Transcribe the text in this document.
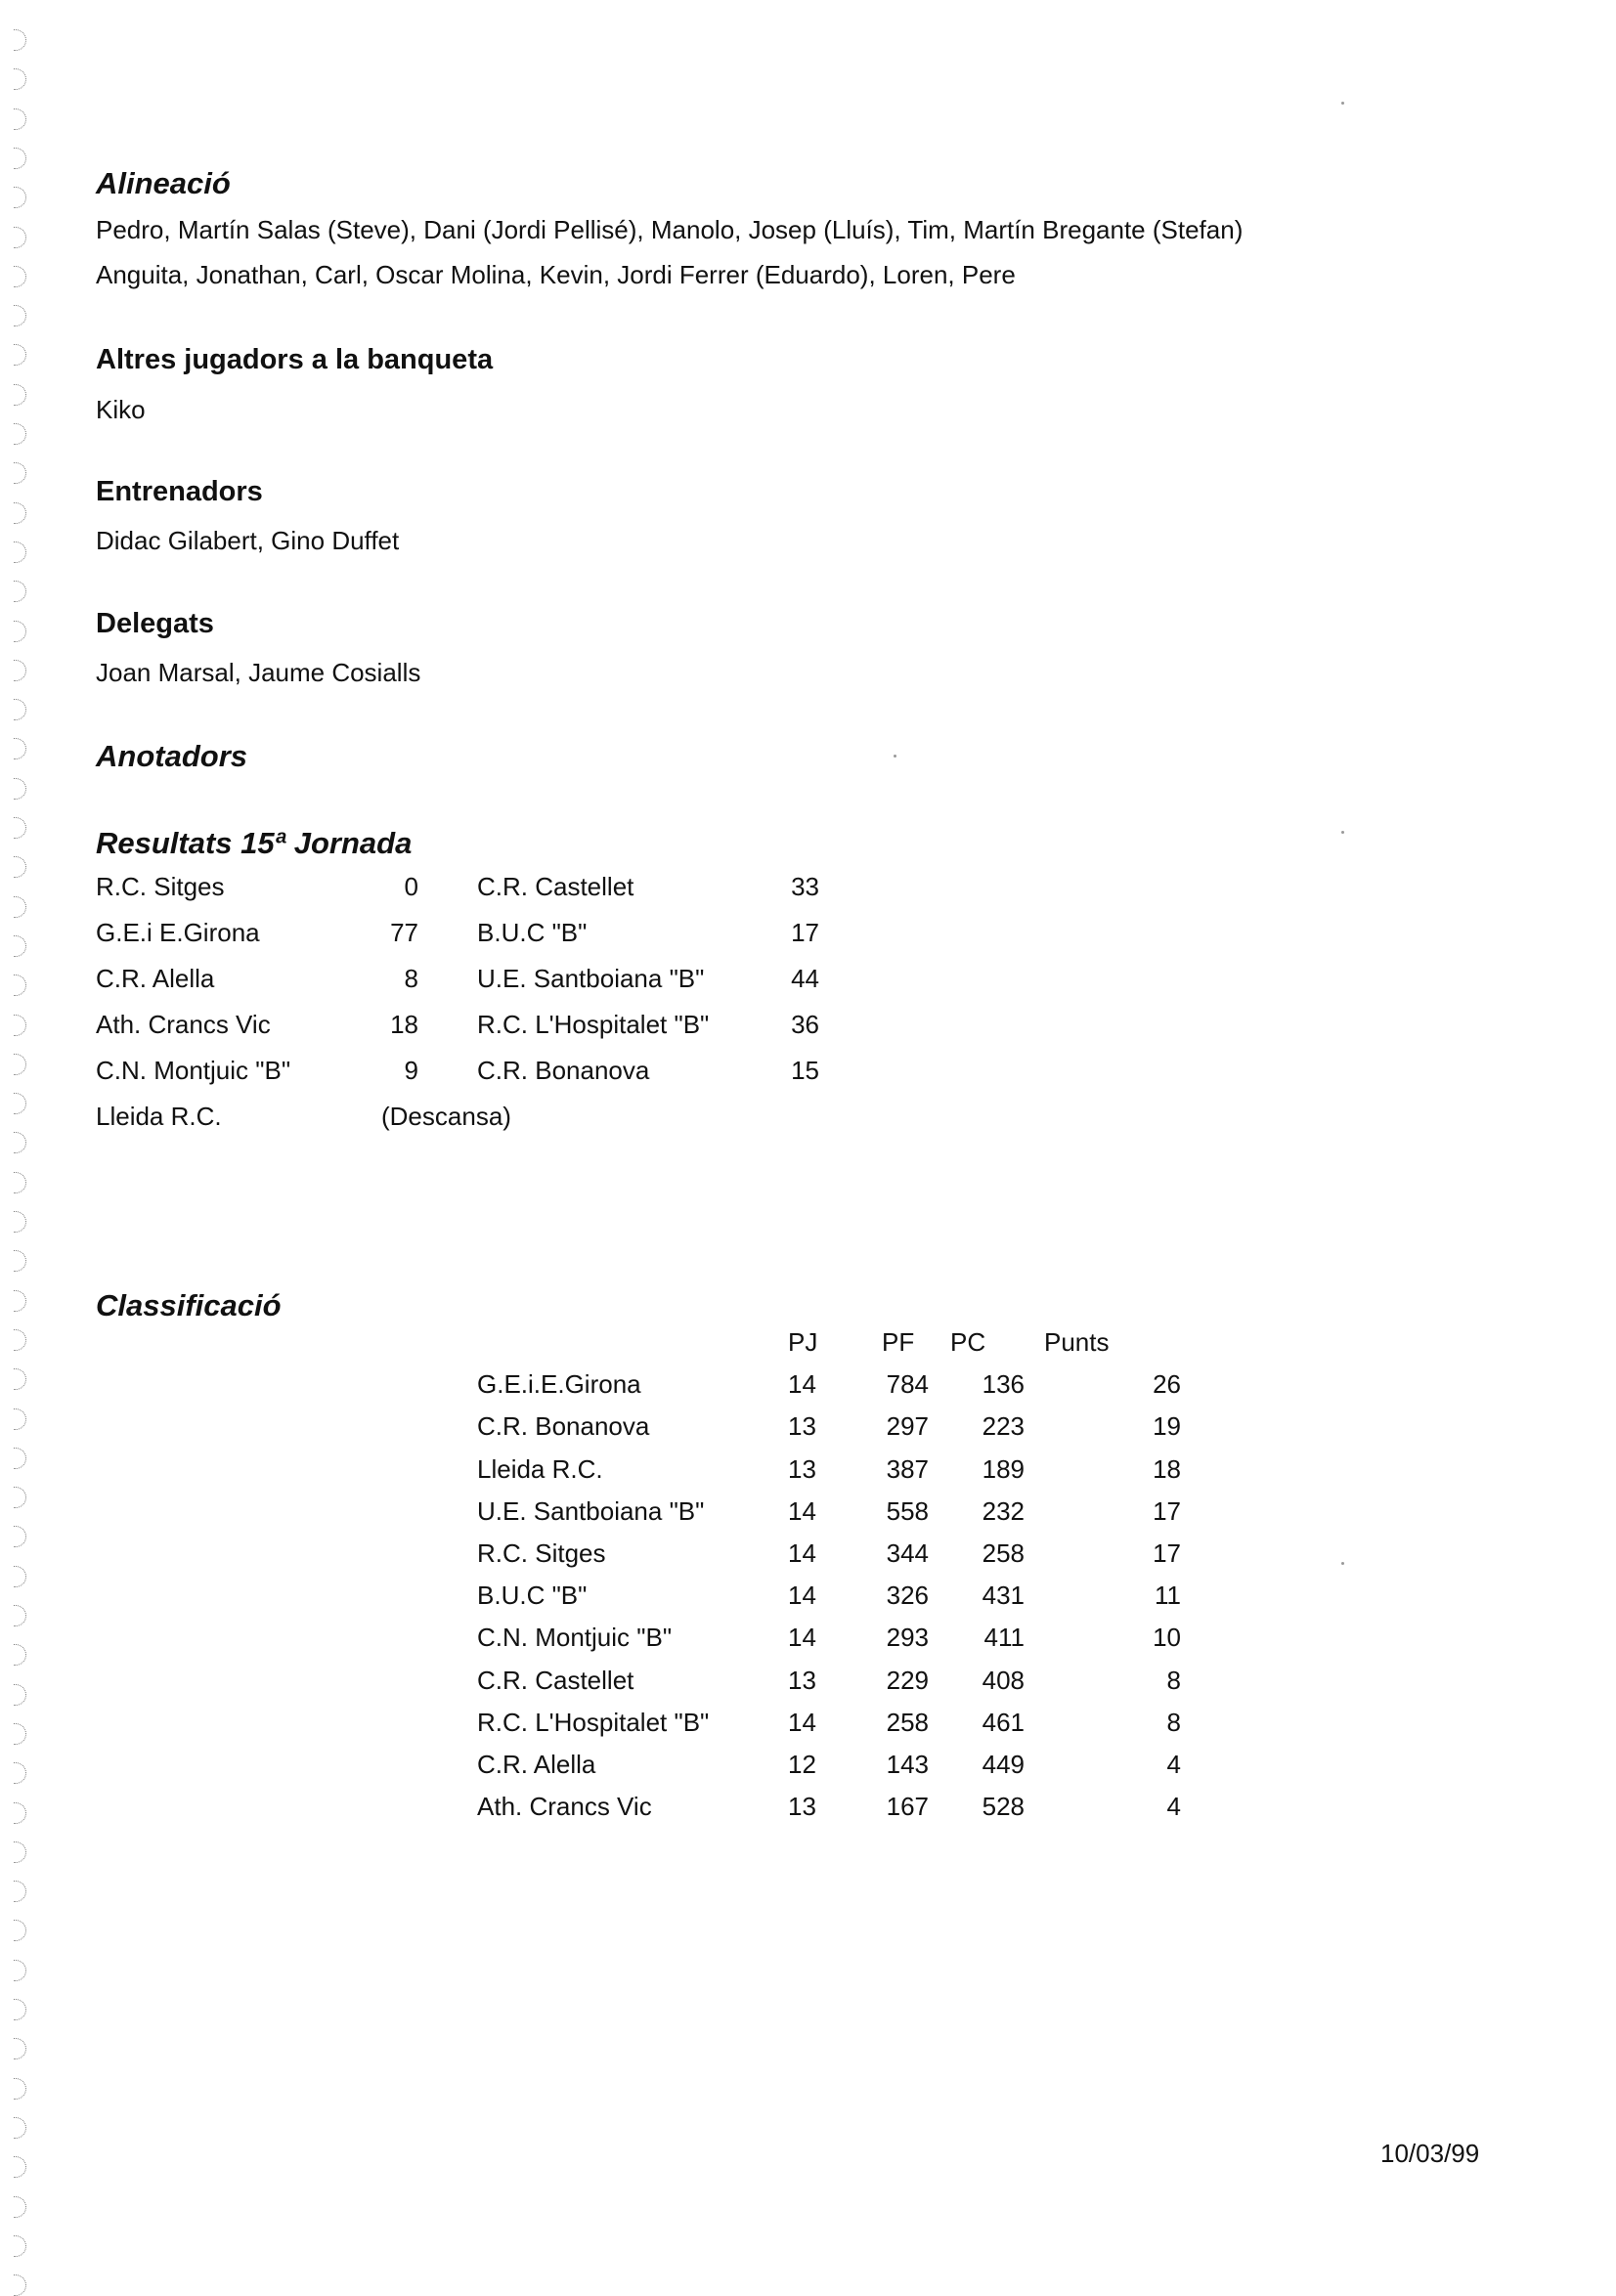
Alineació

Pedro, Martín Salas (Steve), Dani (Jordi Pellisé), Manolo, Josep (Lluís), Tim, Martín Bregante (Stefan)

Anguita, Jonathan, Carl, Oscar Molina, Kevin, Jordi Ferrer (Eduardo), Loren, Pere

Altres jugadors a la banqueta

Kiko

Entrenadors

Didac Gilabert, Gino Duffet

Delegats

Joan Marsal, Jaume Cosialls

Anotadors
Resultats 15ª Jornada
R.C. Sitges	0 C.R. Castellet	33
G.E.i E.Girona	77 B.U.C "B"	17
C.R. Alella	8 U.E. Santboiana "B"	44
Ath. Crancs Vic	18 R.C. L'Hospitalet "B"	36
C.N. Montjuic "B"	9 C.R. Bonanova	15
Lleida R.C.	(Descansa)
Classificació
PJ	PF	PC	Punts
G.E.i.E.Girona	14	784	136	26
C.R. Bonanova	13	297	223	19
Lleida R.C.	13	387	189	18
U.E. Santboiana "B"	14	558	232	17
R.C. Sitges	14	344	258	17
B.U.C "B"	14	326	431	11
C.N. Montjuic "B"	14	293	411	10
C.R. Castellet	13	229	408	8
R.C. L'Hospitalet "B"	14	258	461	8
C.R. Alella	12	143	449	4
Ath. Crancs Vic	13	167	528	4
10/03/99
